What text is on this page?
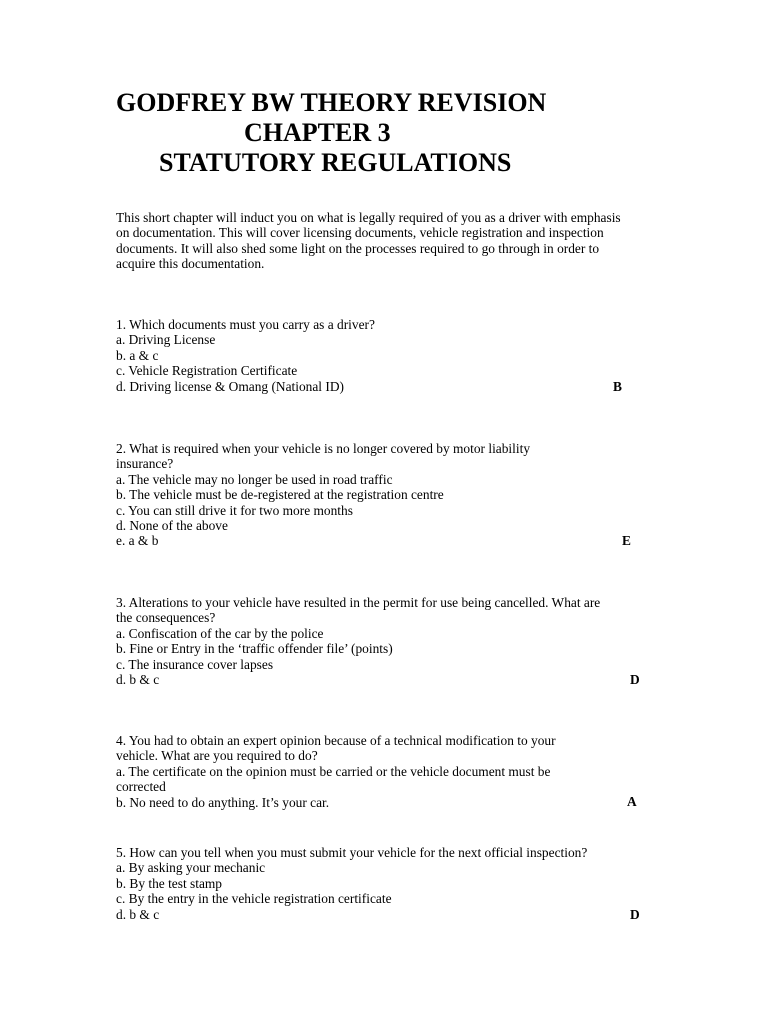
GODFREY BW THEORY REVISION
CHAPTER 3
STATUTORY REGULATIONS
This short chapter will induct you on what is legally required of you as a driver with emphasis on documentation. This will cover licensing documents, vehicle registration and inspection documents. It will also shed some light on the processes required to go through in order to acquire this documentation.
1. Which documents must you carry as a driver?
a. Driving License
b. a & c
c. Vehicle Registration Certificate
d. Driving license & Omang (National ID)	B
2. What is required when your vehicle is no longer covered by motor liability insurance?
a. The vehicle may no longer be used in road traffic
b. The vehicle must be de-registered at the registration centre
c. You can still drive it for two more months
d. None of the above
e. a & b	E
3. Alterations to your vehicle have resulted in the permit for use being cancelled. What are the consequences?
a. Confiscation of the car by the police
b. Fine or Entry in the ‘traffic offender file’ (points)
c. The insurance cover lapses
d. b & c	D
4. You had to obtain an expert opinion because of a technical modification to your vehicle. What are you required to do?
a. The certificate on the opinion must be carried or the vehicle document must be corrected
b. No need to do anything. It’s your car.	A
5. How can you tell when you must submit your vehicle for the next official inspection?
a. By asking your mechanic
b. By the test stamp
c. By the entry in the vehicle registration certificate
d. b & c	D
